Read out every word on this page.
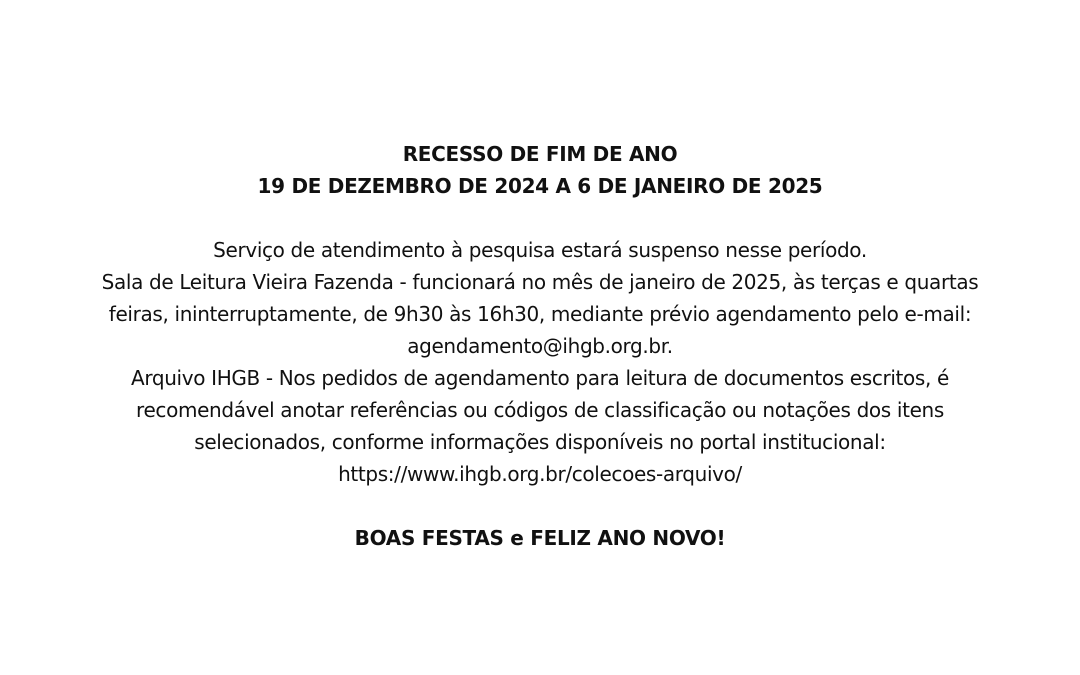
RECESSO DE FIM DE ANO
19 DE DEZEMBRO DE 2024 A 6 DE JANEIRO DE 2025
Serviço de atendimento à pesquisa estará suspenso nesse período.
Sala de Leitura Vieira Fazenda - funcionará no mês de janeiro de 2025, às terças e quartas
feiras, ininterruptamente, de 9h30 às 16h30, mediante prévio agendamento pelo e-mail:
agendamento@ihgb.org.br.
Arquivo IHGB - Nos pedidos de agendamento para leitura de documentos escritos, é
recomendável anotar referências ou códigos de classificação ou notações dos itens
selecionados, conforme informações disponíveis no portal institucional:
https://www.ihgb.org.br/colecoes-arquivo/
BOAS FESTAS e FELIZ ANO NOVO!
